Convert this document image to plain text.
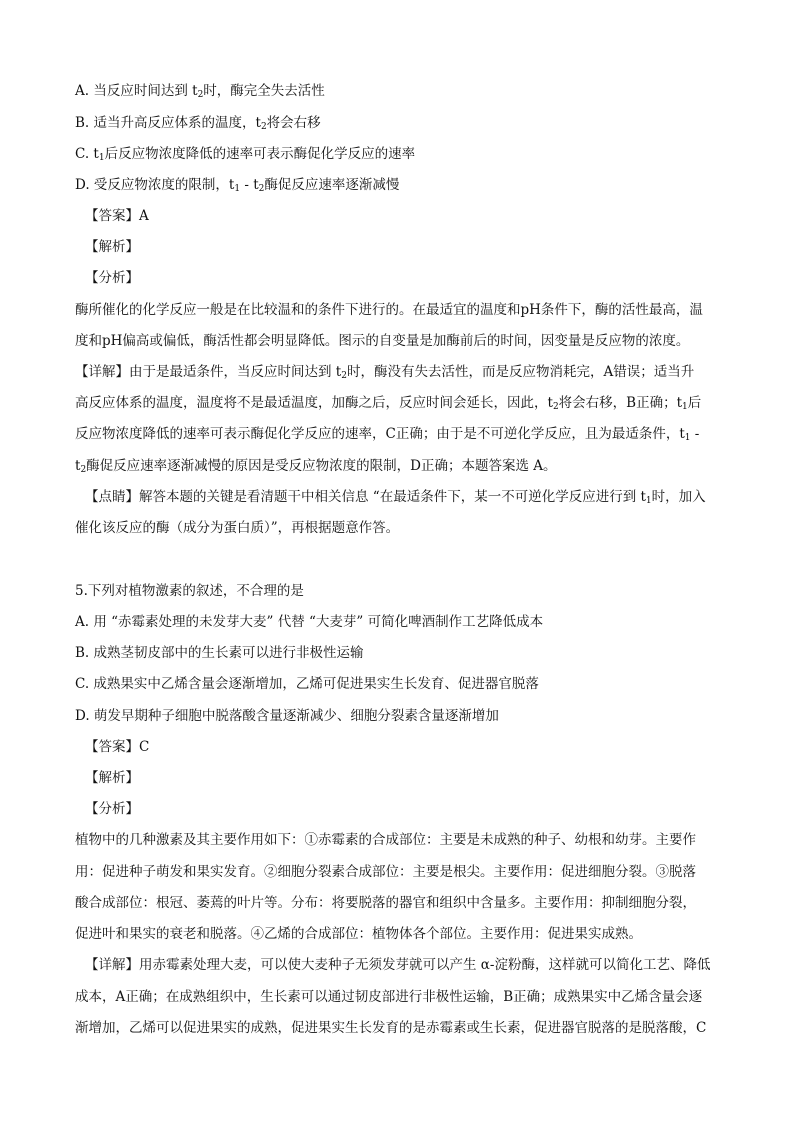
A. 当反应时间达到 $t_2$时，酶完全失去活性
B. 适当升高反应体系的温度，$t_2$将会右移
C. $t_1$后反应物浓度降低的速率可表示酶促化学反应的速率
D. 受反应物浓度的限制，$t_1 - t_2$酶促反应速率逐渐减慢
【答案】A
【解析】
【分析】
酶所催化的化学反应一般是在比较温和的条件下进行的。在最适宜的温度和pH条件下，酶的活性最高，温
度和pH偏高或偏低，酶活性都会明显降低。图示的自变量是加酶前后的时间，因变量是反应物的浓度。
【详解】由于是最适条件，当反应时间达到 $t_2$时，酶没有失去活性，而是反应物消耗完，A错误；适当升
高反应体系的温度，温度将不是最适温度，加酶之后，反应时间会延长，因此，$t_2$将会右移，B正确；$t_1$后
反应物浓度降低的速率可表示酶促化学反应的速率，C正确；由于是不可逆化学反应，且为最适条件，$t_1$ -
$t_2$酶促反应速率逐渐减慢的原因是受反应物浓度的限制，D正确；本题答案选 A。
【点睛】解答本题的关键是看清题干中相关信息 “在最适条件下，某一不可逆化学反应进行到 $t_1$时，加入
催化该反应的酶（成分为蛋白质）”，再根据题意作答。
5.下列对植物激素的叙述，不合理的是
A. 用 “赤霉素处理的未发芽大麦” 代替 “大麦芽” 可简化啤酒制作工艺降低成本
B. 成熟茎韧皮部中的生长素可以进行非极性运输
C. 成熟果实中乙烯含量会逐渐增加，乙烯可促进果实生长发育、促进器官脱落
D. 萌发早期种子细胞中脱落酸含量逐渐减少、细胞分裂素含量逐渐增加
【答案】C
【解析】
【分析】
植物中的几种激素及其主要作用如下：①赤霉素的合成部位：主要是未成熟的种子、幼根和幼芽。主要作
用：促进种子萌发和果实发育。②细胞分裂素合成部位：主要是根尖。主要作用：促进细胞分裂。③脱落
酸合成部位：根冠、萎蔫的叶片等。分布：将要脱落的器官和组织中含量多。主要作用：抑制细胞分裂，
促进叶和果实的衰老和脱落。④乙烯的合成部位：植物体各个部位。主要作用：促进果实成熟。
【详解】用赤霉素处理大麦，可以使大麦种子无须发芽就可以产生 α-淀粉酶，这样就可以简化工艺、降低
成本，A正确；在成熟组织中，生长素可以通过韧皮部进行非极性运输，B正确；成熟果实中乙烯含量会逐
渐增加，乙烯可以促进果实的成熟，促进果实生长发育的是赤霉素或生长素，促进器官脱落的是脱落酸，C
